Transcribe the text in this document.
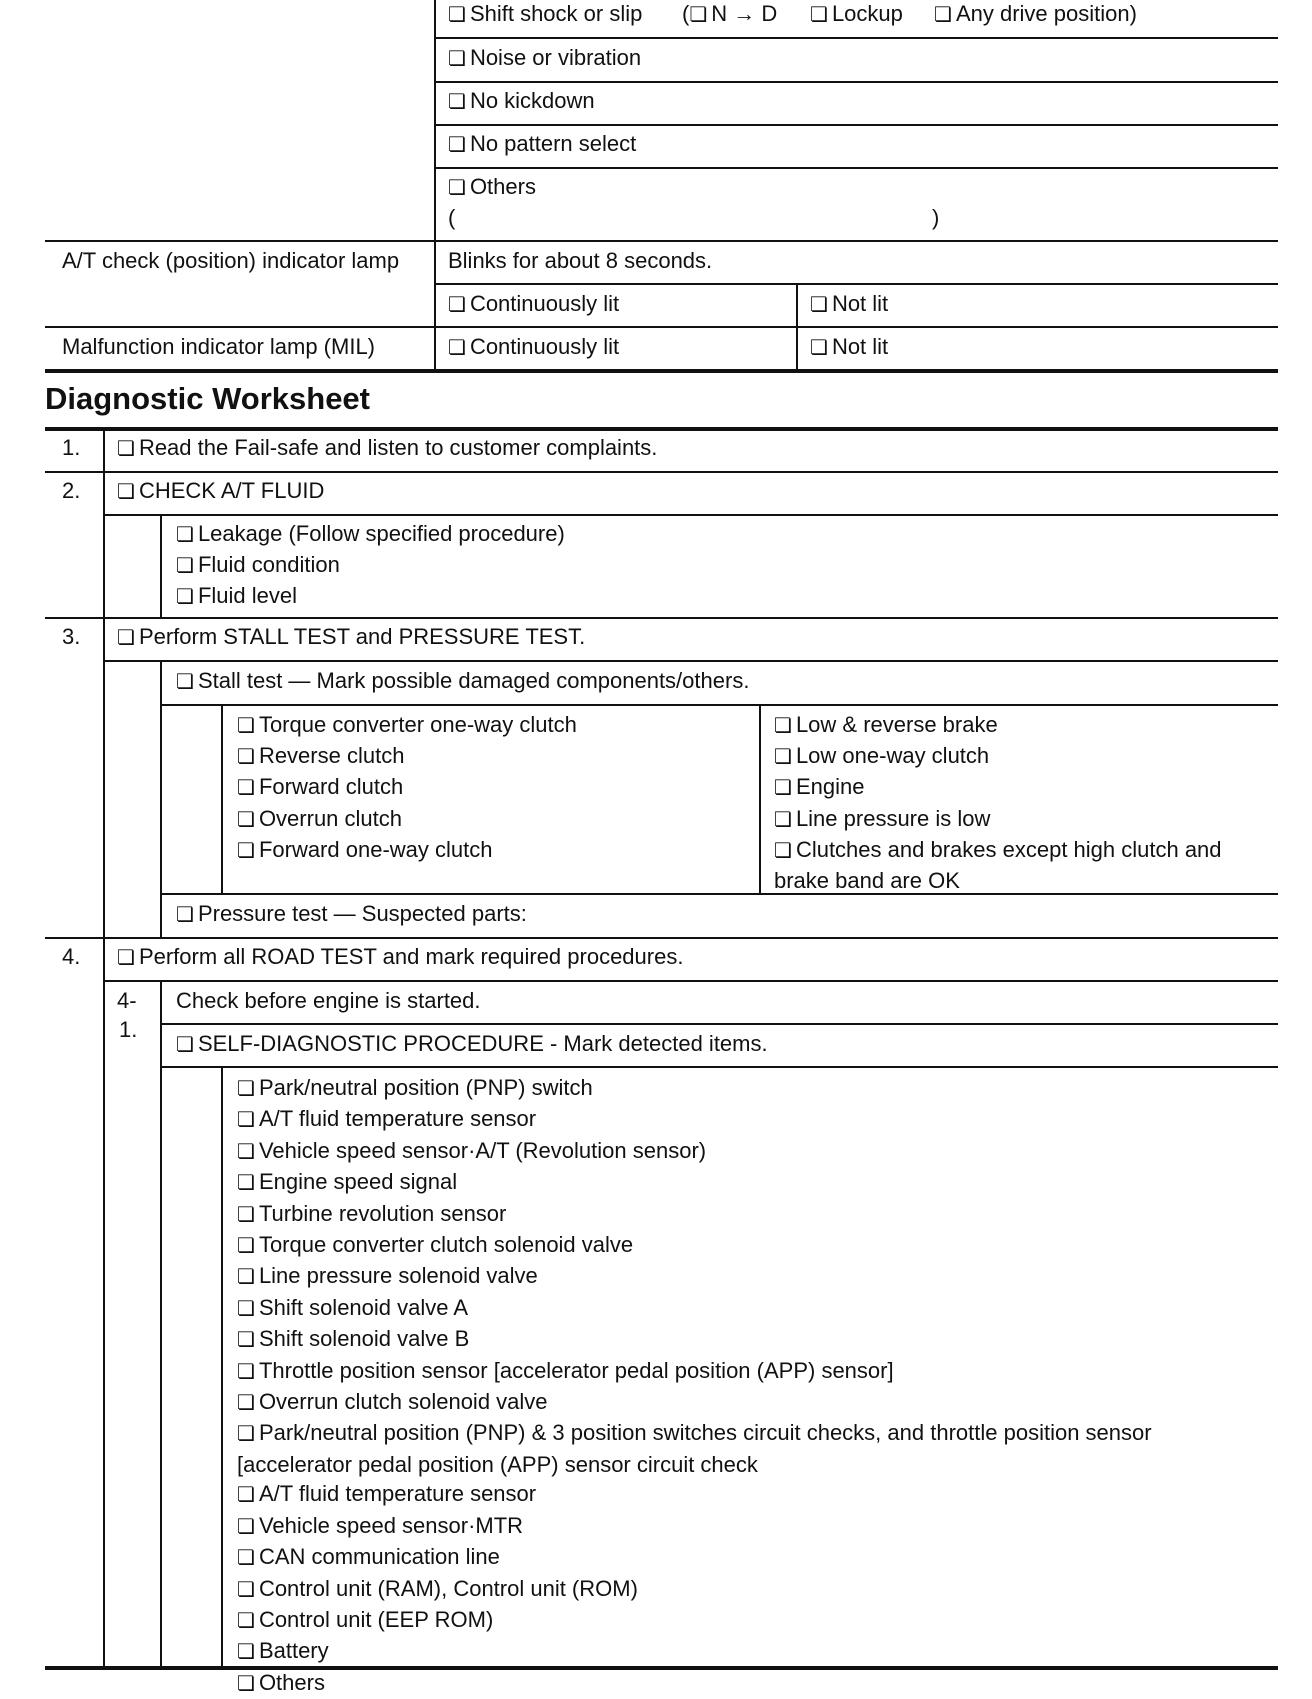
❏ Shift shock or slip (❏ N → D ❏ Lockup ❏ Any drive position)
❏ Noise or vibration
❏ No kickdown
❏ No pattern select
❏ Others
(	)
A/T check (position) indicator lamp Blinks for about 8 seconds.
❏ Continuously lit	❏ Not lit
Malfunction indicator lamp (MIL)	❏ Continuously lit	❏ Not lit
Diagnostic Worksheet
1. ❏ Read the Fail-safe and listen to customer complaints.
2. ❏ CHECK A/T FLUID
❏ Leakage (Follow specified procedure)
❏ Fluid condition
❏ Fluid level
3. ❏ Perform STALL TEST and PRESSURE TEST.
❏ Stall test — Mark possible damaged components/others.
❏ Torque converter one-way clutch
❏ Reverse clutch
❏ Forward clutch
❏ Overrun clutch
❏ Forward one-way clutch
❏ Low & reverse brake
❏ Low one-way clutch
❏ Engine
❏ Line pressure is low
❏ Clutches and brakes except high clutch and
brake band are OK
❏ Pressure test — Suspected parts:
4. ❏ Perform all ROAD TEST and mark required procedures.
4-
1.
Check before engine is started.
❏ SELF-DIAGNOSTIC PROCEDURE - Mark detected items.
❏ Park/neutral position (PNP) switch
❏ A/T fluid temperature sensor
❏ Vehicle speed sensor·A/T (Revolution sensor)
❏ Engine speed signal
❏ Turbine revolution sensor
❏ Torque converter clutch solenoid valve
❏ Line pressure solenoid valve
❏ Shift solenoid valve A
❏ Shift solenoid valve B
❏ Throttle position sensor [accelerator pedal position (APP) sensor]
❏ Overrun clutch solenoid valve
❏ Park/neutral position (PNP) & 3 position switches circuit checks, and throttle position sensor
[accelerator pedal position (APP) sensor circuit check
❏ A/T fluid temperature sensor
❏ Vehicle speed sensor·MTR
❏ CAN communication line
❏ Control unit (RAM), Control unit (ROM)
❏ Control unit (EEP ROM)
❏ Battery
❏ Others
